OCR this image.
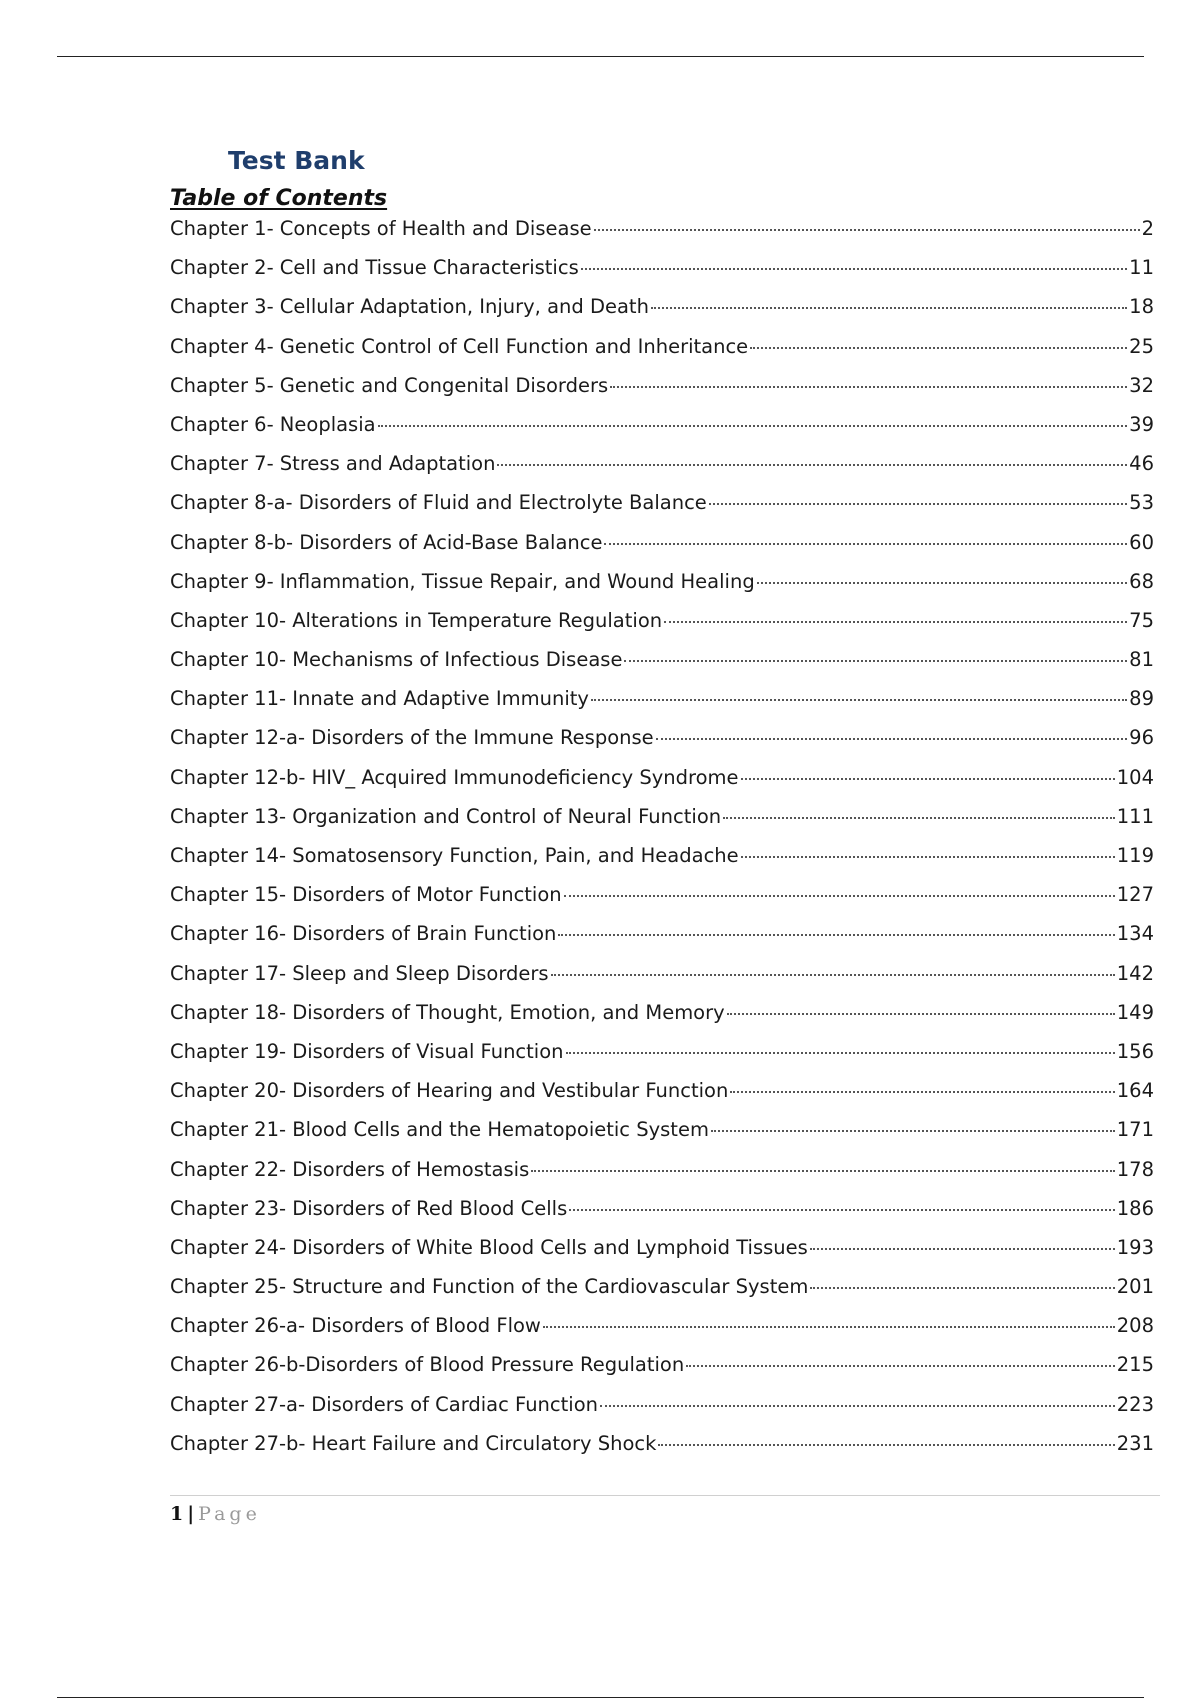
Test Bank
Table of Contents
Chapter 1- Concepts of Health and Disease	2
Chapter 2- Cell and Tissue Characteristics	11
Chapter 3- Cellular Adaptation, Injury, and Death	18
Chapter 4- Genetic Control of Cell Function and Inheritance	25
Chapter 5- Genetic and Congenital Disorders	32
Chapter 6- Neoplasia	39
Chapter 7- Stress and Adaptation	46
Chapter 8-a- Disorders of Fluid and Electrolyte Balance	53
Chapter 8-b- Disorders of Acid-Base Balance	60
Chapter 9- Inflammation, Tissue Repair, and Wound Healing	68
Chapter 10- Alterations in Temperature Regulation	75
Chapter 10- Mechanisms of Infectious Disease	81
Chapter 11- Innate and Adaptive Immunity	89
Chapter 12-a- Disorders of the Immune Response	96
Chapter 12-b- HIV_ Acquired Immunodeficiency Syndrome	104
Chapter 13- Organization and Control of Neural Function	111
Chapter 14- Somatosensory Function, Pain, and Headache	119
Chapter 15- Disorders of Motor Function	127
Chapter 16- Disorders of Brain Function	134
Chapter 17- Sleep and Sleep Disorders	142
Chapter 18- Disorders of Thought, Emotion, and Memory	149
Chapter 19- Disorders of Visual Function	156
Chapter 20- Disorders of Hearing and Vestibular Function	164
Chapter 21- Blood Cells and the Hematopoietic System	171
Chapter 22- Disorders of Hemostasis	178
Chapter 23- Disorders of Red Blood Cells	186
Chapter 24- Disorders of White Blood Cells and Lymphoid Tissues	193
Chapter 25- Structure and Function of the Cardiovascular System	201
Chapter 26-a- Disorders of Blood Flow	208
Chapter 26-b-Disorders of Blood Pressure Regulation	215
Chapter 27-a- Disorders of Cardiac Function	223
Chapter 27-b- Heart Failure and Circulatory Shock	231
1 | Page
